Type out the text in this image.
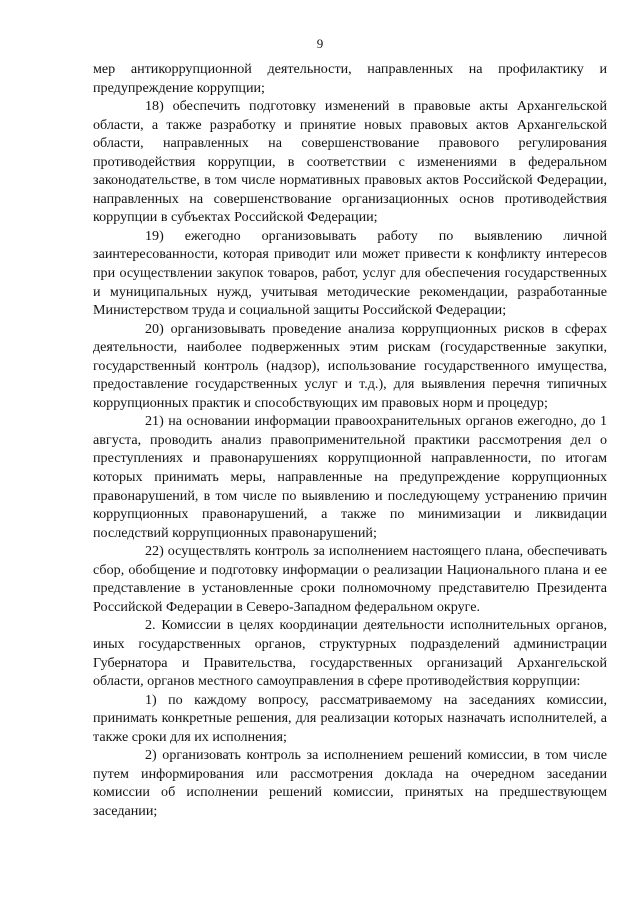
9

мер антикоррупционной деятельности, направленных на профилактику и предупреждение коррупции;

18) обеспечить подготовку изменений в правовые акты Архангельской области, а также разработку и принятие новых правовых актов Архангельской области, направленных на совершенствование правового регулирования противодействия коррупции, в соответствии с изменениями в федеральном законодательстве, в том числе нормативных правовых актов Российской Федерации, направленных на совершенствование организационных основ противодействия коррупции в субъектах Российской Федерации;

19) ежегодно организовывать работу по выявлению личной заинтересованности, которая приводит или может привести к конфликту интересов при осуществлении закупок товаров, работ, услуг для обеспечения государственных и муниципальных нужд, учитывая методические рекомендации, разработанные Министерством труда и социальной защиты Российской Федерации;

20) организовывать проведение анализа коррупционных рисков в сферах деятельности, наиболее подверженных этим рискам (государственные закупки, государственный контроль (надзор), использование государственного имущества, предоставление государственных услуг и т.д.), для выявления перечня типичных коррупционных практик и способствующих им правовых норм и процедур;

21) на основании информации правоохранительных органов ежегодно, до 1 августа, проводить анализ правоприменительной практики рассмотрения дел о преступлениях и правонарушениях коррупционной направленности, по итогам которых принимать меры, направленные на предупреждение коррупционных правонарушений, в том числе по выявлению и последующему устранению причин коррупционных правонарушений, а также по минимизации и ликвидации последствий коррупционных правонарушений;

22) осуществлять контроль за исполнением настоящего плана, обеспечивать сбор, обобщение и подготовку информации о реализации Национального плана и ее представление в установленные сроки полномочному представителю Президента Российской Федерации в Северо-Западном федеральном округе.

2. Комиссии в целях координации деятельности исполнительных органов, иных государственных органов, структурных подразделений администрации Губернатора и Правительства, государственных организаций Архангельской области, органов местного самоуправления в сфере противодействия коррупции:

1) по каждому вопросу, рассматриваемому на заседаниях комиссии, принимать конкретные решения, для реализации которых назначать исполнителей, а также сроки для их исполнения;

2) организовать контроль за исполнением решений комиссии, в том числе путем информирования или рассмотрения доклада на очередном заседании комиссии об исполнении решений комиссии, принятых на предшествующем заседании;
